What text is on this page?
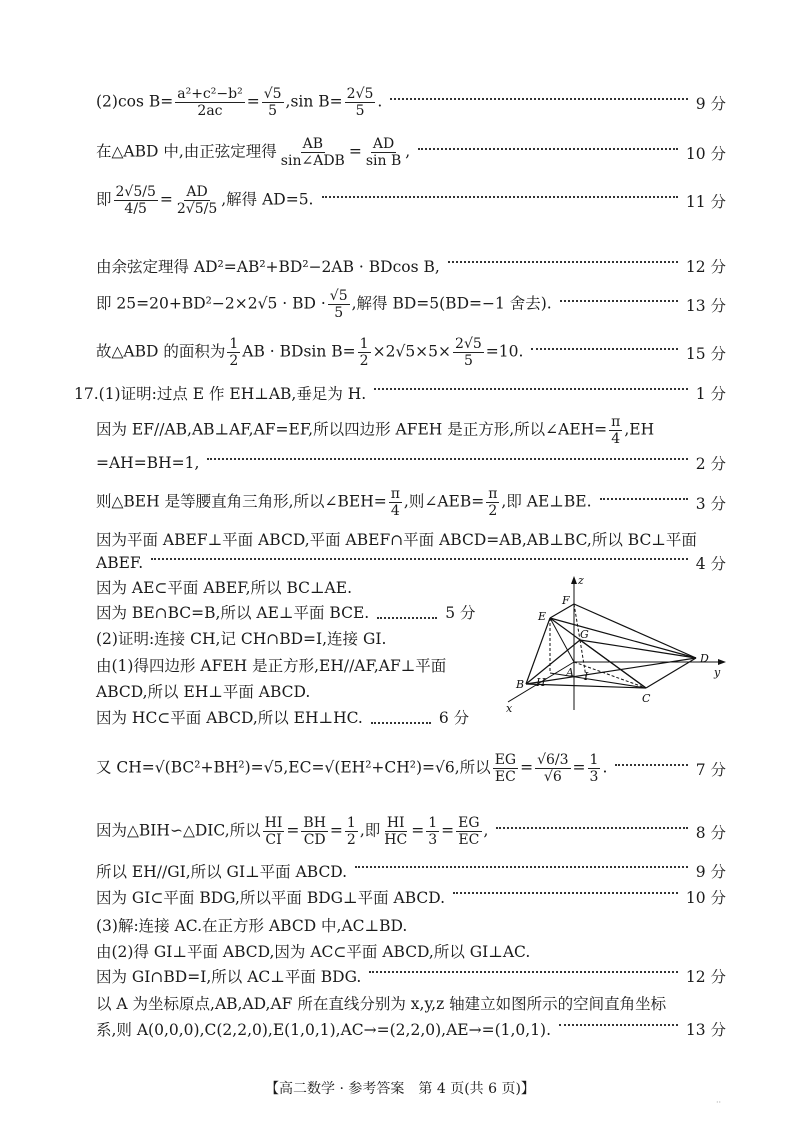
(2)cos $B= \frac{\text{a²+c²−b²}}{2ac} = \frac{√5}{5} ,\sin$ $B= \frac{2√5}{5}$ .	9 分
在△ABD 中,由正弦定理得 $\frac{AB}{\text{sin∠ADB}} = \frac{AD}{\text{sin B}}$ ,	10 分
即 $\frac{2√5/5}{4/5} = \frac{AD}{2√5/5}$ ,解得 AD=5.	11 分
由余弦定理得 AD²=AB²+BD²−2AB · BDcos B,	12 分
即 25=20+BD²−2×2√5 · BD · $\frac{√5}{5}$ ,解得 BD=5(BD=−1 舍去).	13 分
故△ABD 的面积为 $\frac{1}{2}$ AB · BDsin $B= \frac{1}{2} \times 2√5\times 5\times \frac{2√5}{5} =10$.	15 分
17.(1)证明:过点 E 作 EH⊥AB,垂足为 H.	1 分
因为 EF//AB,AB⊥AF,AF=EF,所以四边形 AFEH 是正方形,所以∠AEH= $\frac{\pi}{4} ,EH$
=AH=BH=1,	2 分
则△BEH 是等腰直角三角形,所以∠BEH= $\frac{\pi}{4}$ ,则∠AEB= $\frac{\pi}{2}$ ,即 AE⊥BE.	3 分
因为平面 ABEF⊥平面 ABCD,平面 ABEF∩平面 ABCD=AB,AB⊥BC,所以 BC⊥平面
ABEF.	4 分
因为 AE⊂平面 ABEF,所以 BC⊥AE.
因为 BE∩BC=B,所以 AE⊥平面 BCE.	5 分
(2)证明:连接 CH,记 CH∩BD=I,连接 GI.
由(1)得四边形 AFEH 是正方形,EH//AF,AF⊥平面
ABCD,所以 EH⊥平面 ABCD.
因为 HC⊂平面 ABCD,所以 EH⊥HC.	6 分
z
F
E
G
D
y
A I
H
B
C
x
又 CH=√(BC²+BH²)=√5,EC=√(EH²+CH²)=√6,所以 $\frac{EG}{EC} = \frac{√6/3}{√6} = \frac{1}{3}$ .	7 分
因为△BIH∽△DIC,所以 $\frac{HI}{CI} = \frac{BH}{CD} = \frac{1}{2}$ ,即 $\frac{HI}{HC} = \frac{1}{3} = \frac{EG}{EC}$ ,	8 分
所以 EH//GI,所以 GI⊥平面 ABCD.	9 分
因为 GI⊂平面 BDG,所以平面 BDG⊥平面 ABCD.	10 分
(3)解:连接 AC.在正方形 ABCD 中,AC⊥BD.
由(2)得 GI⊥平面 ABCD,因为 AC⊂平面 ABCD,所以 GI⊥AC.
因为 GI∩BD=I,所以 AC⊥平面 BDG.	12 分
以 A 为坐标原点,AB,AD,AF 所在直线分别为 x,y,z 轴建立如图所示的空间直角坐标
系,则 A(0,0,0),C(2,2,0),E(1,0,1),AC→=(2,2,0),AE→=(1,0,1).	13 分
【高二数学 · 参考答案　第 4 页(共 6 页)】
··
